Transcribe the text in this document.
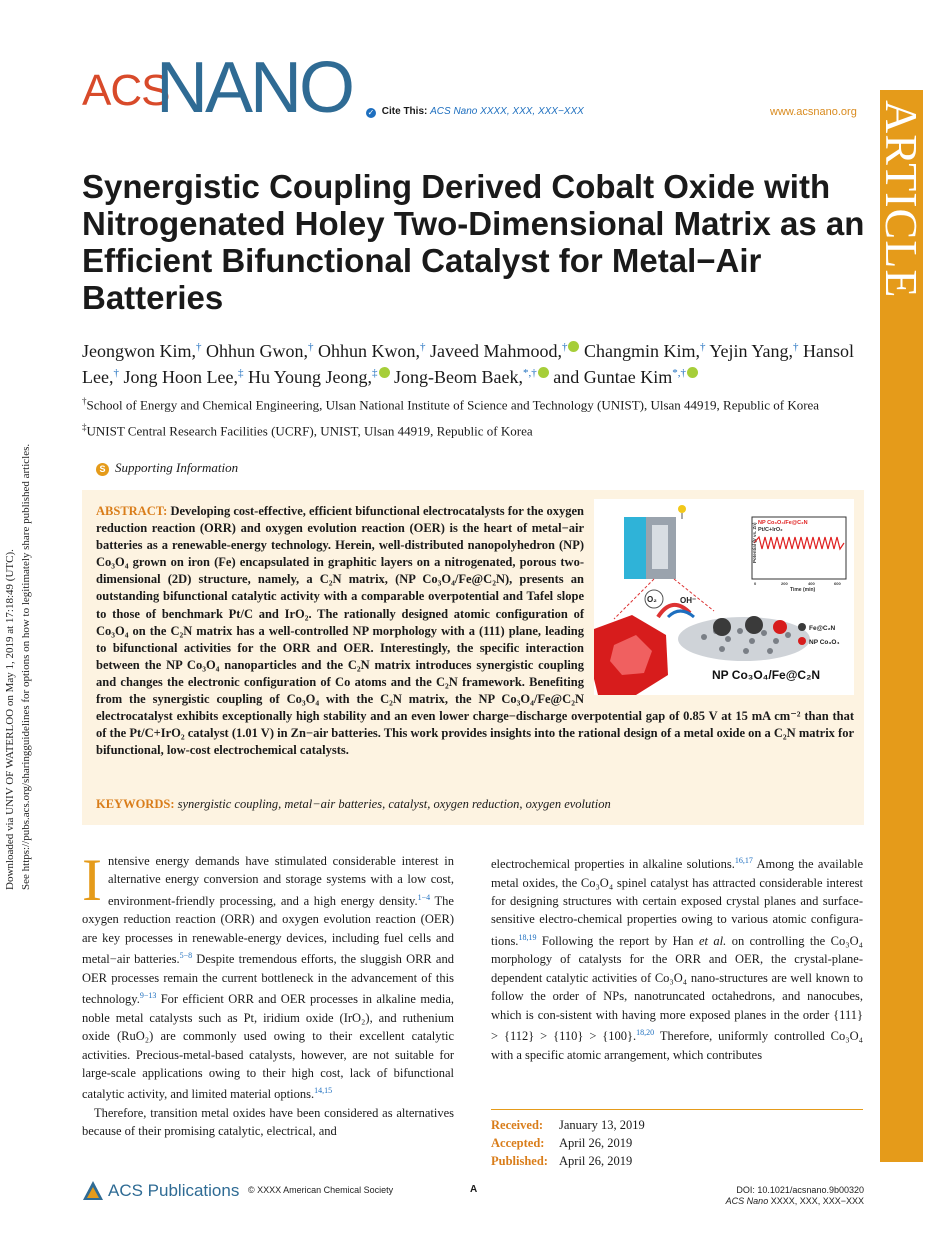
ACS
NANO ✓ Cite This: ACS Nano XXXX, XXX, XXX−XXX	www.acsnano.org ARTICLE
Downloaded via UNIV OF WATERLOO on May 1, 2019 at 17:18:49 (UTC). See https://pubs.acs.org/sharingguidelines for options on how to legitimately share published articles.
Synergistic Coupling Derived Cobalt Oxide with Nitrogenated Holey Two-Dimensional Matrix as an Efficient Bifunctional Catalyst for Metal−Air Batteries

Jeongwon Kim,† Ohhun Gwon,† Ohhun Kwon,† Javeed Mahmood,† Changmin Kim,† Yejin Yang,† Hansol Lee,† Jong Hoon Lee,‡ Hu Young Jeong,‡ Jong-Beom Baek,*,† and Guntae Kim*,†

†School of Energy and Chemical Engineering, Ulsan National Institute of Science and Technology (UNIST), Ulsan 44919, Republic of Korea

‡UNIST Central Research Facilities (UCRF), UNIST, Ulsan 44919, Republic of Korea

S Supporting Information
NP Co₃O₄/Fe@C₂N
Pt/C+IrO₂
Potential (V vs. Zn)
0	200	400	600
Time (min)
O₂	OH⁻
Fe@C₂N
NP Co₃O₄
NP Co₃O₄/Fe@C₂N
ABSTRACT: Developing cost-effective, efficient bifunctional electrocatalysts for the oxygen reduction reaction (ORR) and oxygen evolution reaction (OER) is the heart of metal−air batteries as a renewable-energy technology. Herein, well-distributed nanopolyhedron (NP) Co₃O₄ grown on iron (Fe) encapsulated in graphitic layers on a nitrogenated, porous two-dimensional (2D) structure, namely, a C₂N matrix, (NP Co₃O₄/Fe@C₂N), presents an outstanding bifunctional catalytic activity with a comparable overpotential and Tafel slope to those of benchmark Pt/C and IrO₂. The rationally designed atomic configuration of Co₃O₄ on the C₂N matrix has a well-controlled NP morphology with a (111) plane, leading to bifunctional activities for the ORR and OER. Interestingly, the specific interaction between the NP Co₃O₄ nanoparticles and the C₂N matrix introduces synergistic coupling and changes the electronic configuration of Co atoms and the C₂N framework. Benefiting from the synergistic coupling of Co₃O₄ with the C₂N matrix, the NP Co₃O₄/Fe@C₂N electrocatalyst exhibits exceptionally high stability and an even lower charge−discharge overpotential gap of 0.85 V at 15 mA cm⁻² than that of the Pt/C+IrO₂ catalyst (1.01 V) in Zn−air batteries. This work provides insights into the rational design of a metal oxide on a C₂N matrix for bifunctional, low-cost electrochemical catalysts.

KEYWORDS: synergistic coupling, metal−air batteries, catalyst, oxygen reduction, oxygen evolution

Intensive energy demands have stimulated considerable interest in alternative energy conversion and storage systems with a low cost, environment-friendly processing, and a high energy density.$^{1-4}$ The oxygen reduction reaction (ORR) and oxygen evolution reaction (OER) are key processes in renewable-energy devices, including fuel cells and metal−air batteries.$^{5-8}$ Despite tremendous efforts, the sluggish ORR and OER processes remain the current bottleneck in the advancement of this technology.$^{9-13}$ For efficient ORR and OER processes in alkaline media, noble metal catalysts such as Pt, iridium oxide (IrO₂), and ruthenium oxide (RuO₂) are commonly used owing to their excellent catalytic activities. Precious-metal-based catalysts, however, are not suitable for large-scale applications owing to their high cost, lack of bifunctional catalytic activity, and limited material options.$^{14,15}$

Therefore, transition metal oxides have been considered as alternatives because of their promising catalytic, electrical, and

electrochemical properties in alkaline solutions.$^{16,17}$ Among the available metal oxides, the Co₃O₄ spinel catalyst has attracted considerable interest for designing structures with certain exposed crystal planes and surface-sensitive electro-chemical properties owing to various atomic configura-tions.$^{18,19}$ Following the report by Han et al. on controlling the Co₃O₄ morphology of catalysts for the ORR and OER, the crystal-plane-dependent catalytic activities of Co₃O₄ nano-structures are well known to follow the order of NPs, nanotruncated octahedrons, and nanocubes, which is con-sistent with having more exposed planes in the order {111} > {112} > {110} > {100}.$^{18,20}$ Therefore, uniformly controlled Co₃O₄ with a specific atomic arrangement, which contributes

Received:	January 13, 2019
Accepted:	April 26, 2019
Published: April 26, 2019
ACS Publications © XXXX American Chemical Society	A	DOI: 10.1021/acsnano.9b00320
ACS Nano XXXX, XXX, XXX−XXX
